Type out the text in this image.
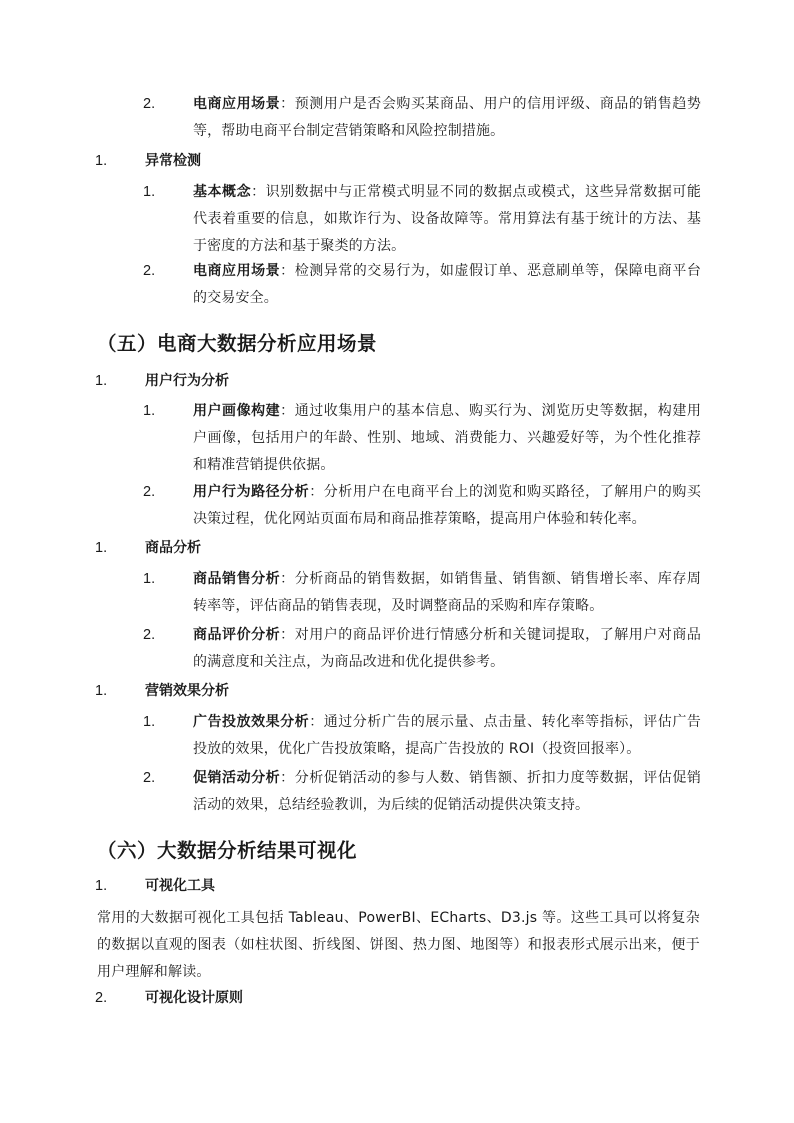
2.	电商应用场景：预测用户是否会购买某商品、用户的信用评级、商品的销售趋势等，帮助电商平台制定营销策略和风险控制措施。
1.	异常检测
1.	基本概念：识别数据中与正常模式明显不同的数据点或模式，这些异常数据可能代表着重要的信息，如欺诈行为、设备故障等。常用算法有基于统计的方法、基于密度的方法和基于聚类的方法。
2.	电商应用场景：检测异常的交易行为，如虚假订单、恶意刷单等，保障电商平台的交易安全。
（五）电商大数据分析应用场景
1.	用户行为分析
1.	用户画像构建：通过收集用户的基本信息、购买行为、浏览历史等数据，构建用户画像，包括用户的年龄、性别、地域、消费能力、兴趣爱好等，为个性化推荐和精准营销提供依据。
2.	用户行为路径分析：分析用户在电商平台上的浏览和购买路径，了解用户的购买决策过程，优化网站页面布局和商品推荐策略，提高用户体验和转化率。
1.	商品分析
1.	商品销售分析：分析商品的销售数据，如销售量、销售额、销售增长率、库存周转率等，评估商品的销售表现，及时调整商品的采购和库存策略。
2.	商品评价分析：对用户的商品评价进行情感分析和关键词提取，了解用户对商品的满意度和关注点，为商品改进和优化提供参考。
1.	营销效果分析
1.	广告投放效果分析：通过分析广告的展示量、点击量、转化率等指标，评估广告投放的效果，优化广告投放策略，提高广告投放的 ROI（投资回报率）。
2.	促销活动分析：分析促销活动的参与人数、销售额、折扣力度等数据，评估促销活动的效果，总结经验教训，为后续的促销活动提供决策支持。
（六）大数据分析结果可视化
1.	可视化工具
常用的大数据可视化工具包括 Tableau、PowerBI、ECharts、D3.js 等。这些工具可以将复杂的数据以直观的图表（如柱状图、折线图、饼图、热力图、地图等）和报表形式展示出来，便于用户理解和解读。
2.	可视化设计原则
